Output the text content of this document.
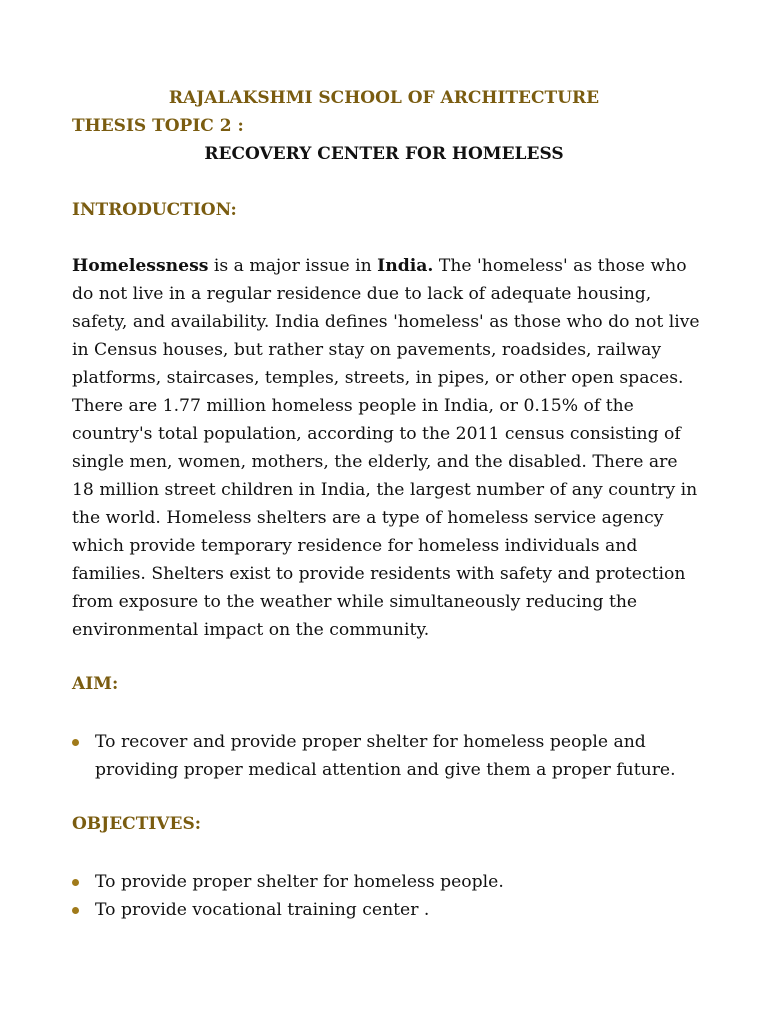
RAJALAKSHMI SCHOOL OF ARCHITECTURE
THESIS TOPIC 2 :
RECOVERY CENTER FOR HOMELESS
INTRODUCTION:

Homelessness is a major issue in India. The 'homeless' as those who do not live in a regular residence due to lack of adequate housing, safety, and availability. India defines 'homeless' as those who do not live in Census houses, but rather stay on pavements, roadsides, railway platforms, staircases, temples, streets, in pipes, or other open spaces. There are 1.77 million homeless people in India, or 0.15% of the country's total population, according to the 2011 census consisting of single men, women, mothers, the elderly, and the disabled. There are 18 million street children in India, the largest number of any country in the world. Homeless shelters are a type of homeless service agency which provide temporary residence for homeless individuals and families. Shelters exist to provide residents with safety and protection from exposure to the weather while simultaneously reducing the environmental impact on the community.

AIM:
To recover and provide proper shelter for homeless people and providing proper medical attention and give them a proper future.
OBJECTIVES:
To provide proper shelter for homeless people.
To provide vocational training center .
